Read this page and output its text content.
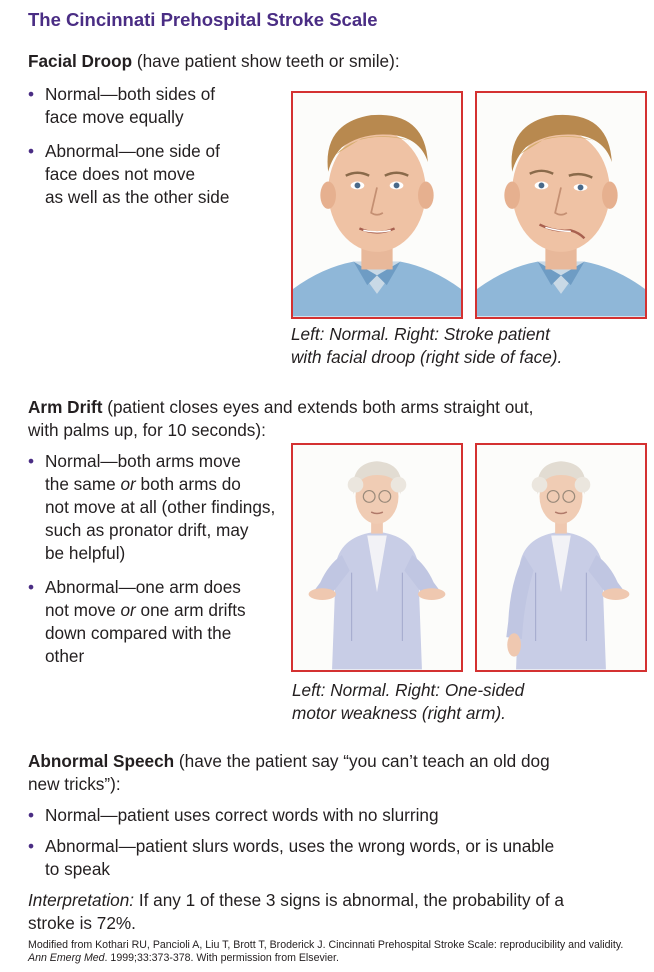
The Cincinnati Prehospital Stroke Scale
Facial Droop (have patient show teeth or smile):
• Normal—both sides of
face move equally
• Abnormal—one side of
face does not move
as well as the other side
Left: Normal. Right: Stroke patient
with facial droop (right side of face).
Arm Drift (patient closes eyes and extends both arms straight out,
with palms up, for 10 seconds):
• Normal—both arms move
the same or both arms do
not move at all (other findings,
such as pronator drift, may
be helpful)
• Abnormal—one arm does
not move or one arm drifts
down compared with the
other
Left: Normal. Right: One-sided
motor weakness (right arm).
Abnormal Speech (have the patient say “you can’t teach an old dog
new tricks”):
• Normal—patient uses correct words with no slurring
• Abnormal—patient slurs words, uses the wrong words, or is unable
to speak
Interpretation: If any 1 of these 3 signs is abnormal, the probability of a
stroke is 72%.
Modified from Kothari RU, Pancioli A, Liu T, Brott T, Broderick J. Cincinnati Prehospital Stroke Scale: reproducibility and validity. Ann Emerg Med. 1999;33:373-378. With permission from Elsevier.
